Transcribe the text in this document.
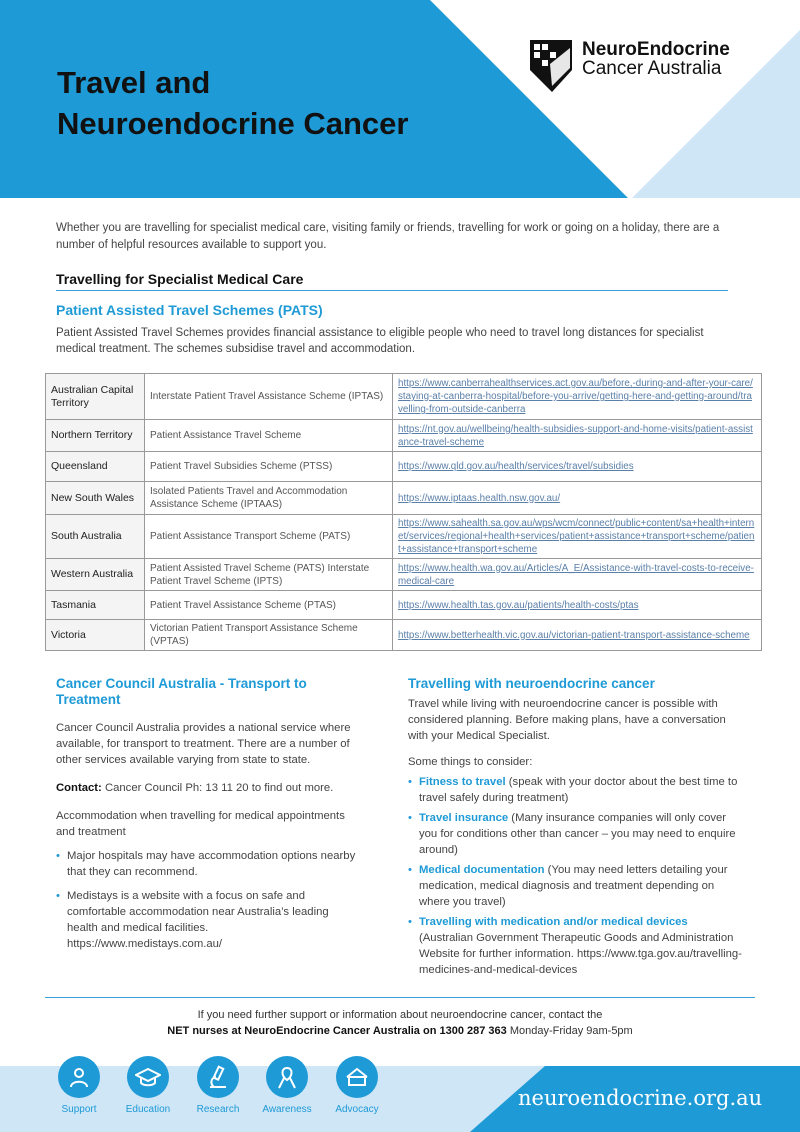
Travel and
Neuroendocrine Cancer
NeuroEndocrine
Cancer Australia
Whether you are travelling for specialist medical care, visiting family or friends, travelling for work or going on a holiday, there are a number of helpful resources available to support you.
Travelling for Specialist Medical Care
Patient Assisted Travel Schemes (PATS)
Patient Assisted Travel Schemes provides financial assistance to eligible people who need to travel long distances for specialist medical treatment. The schemes subsidise travel and accommodation.
Australian Capital Territory	Interstate Patient Travel Assistance Scheme (IPTAS)	https://www.canberrahealthservices.act.gov.au/before,-during-and-after-your-care/staying-at-canberra-hospital/before-you-arrive/getting-here-and-getting-around/travelling-from-outside-canberra
Northern Territory	Patient Assistance Travel Scheme	https://nt.gov.au/wellbeing/health-subsidies-support-and-home-visits/patient-assistance-travel-scheme
Queensland	Patient Travel Subsidies Scheme (PTSS)	https://www.qld.gov.au/health/services/travel/subsidies
New South Wales	Isolated Patients Travel and Accommodation Assistance Scheme (IPTAAS)	https://www.iptaas.health.nsw.gov.au/
South Australia	Patient Assistance Transport Scheme (PATS)	https://www.sahealth.sa.gov.au/wps/wcm/connect/public+content/sa+health+internet/services/regional+health+services/patient+assistance+transport+scheme/patient+assistance+transport+scheme
Western Australia	Patient Assisted Travel Scheme (PATS) Interstate Patient Travel Scheme (IPTS)	https://www.health.wa.gov.au/Articles/A_E/Assistance-with-travel-costs-to-receive-medical-care
Tasmania	Patient Travel Assistance Scheme (PTAS)	https://www.health.tas.gov.au/patients/health-costs/ptas
Victoria	Victorian Patient Transport Assistance Scheme (VPTAS)	https://www.betterhealth.vic.gov.au/victorian-patient-transport-assistance-scheme
Cancer Council Australia - Transport to Treatment
Cancer Council Australia provides a national service where available, for transport to treatment. There are a number of other services available varying from state to state.
Contact: Cancer Council Ph: 13 11 20 to find out more.
Accommodation when travelling for medical appointments and treatment
• Major hospitals may have accommodation options nearby that they can recommend.
• Medistays is a website with a focus on safe and comfortable accommodation near Australia’s leading health and medical facilities.
https://www.medistays.com.au/
Travelling with neuroendocrine cancer
Travel while living with neuroendocrine cancer is possible with considered planning. Before making plans, have a conversation with your Medical Specialist.
Some things to consider:
• Fitness to travel (speak with your doctor about the best time to travel safely during treatment)
• Travel insurance (Many insurance companies will only cover you for conditions other than cancer – you may need to enquire around)
• Medical documentation (You may need letters detailing your medication, medical diagnosis and treatment depending on where you travel)
• Travelling with medication and/or medical devices
(Australian Government Therapeutic Goods and Administration Website for further information. https://www.tga.gov.au/travelling-medicines-and-medical-devices
If you need further support or information about neuroendocrine cancer, contact the
NET nurses at NeuroEndocrine Cancer Australia on 1300 287 363 Monday-Friday 9am-5pm
Support	Education	Research	Awareness	Advocacy	neuroendocrine.org.au
